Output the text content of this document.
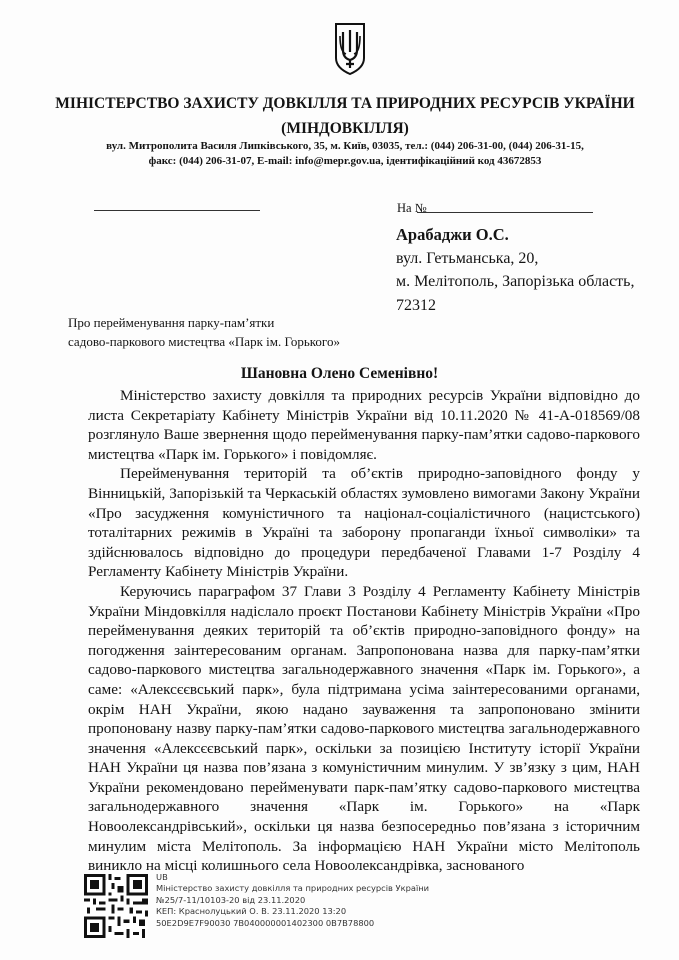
МІНІСТЕРСТВО ЗАХИСТУ ДОВКІЛЛЯ ТА ПРИРОДНИХ РЕСУРСІВ УКРАЇНИ
(МІНДОВКІЛЛЯ)
вул. Митрополита Василя Липківського, 35, м. Київ, 03035, тел.: (044) 206-31-00, (044) 206-31-15,
факс: (044) 206-31-07, E-mail: info@mepr.gov.ua, ідентифікаційний код 43672853
На №
Арабаджи О.С.
вул. Гетьманська, 20,
м. Мелітополь, Запорізька область,
72312
Про перейменування парку-пам’ятки
садово-паркового мистецтва «Парк ім. Горького»
Шановна Олено Семенівно!

Міністерство захисту довкілля та природних ресурсів України відповідно до листа Секретаріату Кабінету Міністрів України від 10.11.2020 № 41-А-018569/08 розглянуло Ваше звернення щодо перейменування парку-пам’ятки садово-паркового мистецтва «Парк ім. Горького» і повідомляє.

Перейменування територій та об’єктів природно-заповідного фонду у Вінницькій, Запорізькій та Черкаській областях зумовлено вимогами Закону України «Про засудження комуністичного та націонал-соціалістичного (нацистського) тоталітарних режимів в Україні та заборону пропаганди їхньої символіки» та здійснювалось відповідно до процедури передбаченої Главами 1-7 Розділу 4 Регламенту Кабінету Міністрів України.

Керуючись параграфом 37 Глави 3 Розділу 4 Регламенту Кабінету Міністрів України Міндовкілля надіслало проєкт Постанови Кабінету Міністрів України «Про перейменування деяких територій та об’єктів природно-заповідного фонду» на погодження заінтересованим органам. Запропонована назва для парку-пам’ятки садово-паркового мистецтва загальнодержавного значення «Парк ім. Горького», а саме: «Алексєєвський парк», була підтримана усіма заінтересованими органами, окрім НАН України, якою надано зауваження та запропоновано змінити пропоновану назву парку-пам’ятки садово-паркового мистецтва загальнодержавного значення «Алексєєвський парк», оскільки за позицією Інституту історії України НАН України ця назва пов’язана з комуністичним минулим. У зв’язку з цим, НАН України рекомендовано перейменувати парк-пам’ятку садово-паркового мистецтва загальнодержавного значення «Парк ім. Горького» на «Парк Новоолександрівський», оскільки ця назва безпосередньо пов’язана з історичним минулим міста Мелітополь. За інформацією НАН України місто Мелітополь виникло на місці колишнього села Новоолександрівка, заснованого

UB
Міністерство захисту довкілля та природних ресурсів України
№25/7-11/10103-20 від 23.11.2020
КЕП: Краснолуцький О. В. 23.11.2020 13:20
50E2D9E7F90030 7B040000001402300 0B7B78800
